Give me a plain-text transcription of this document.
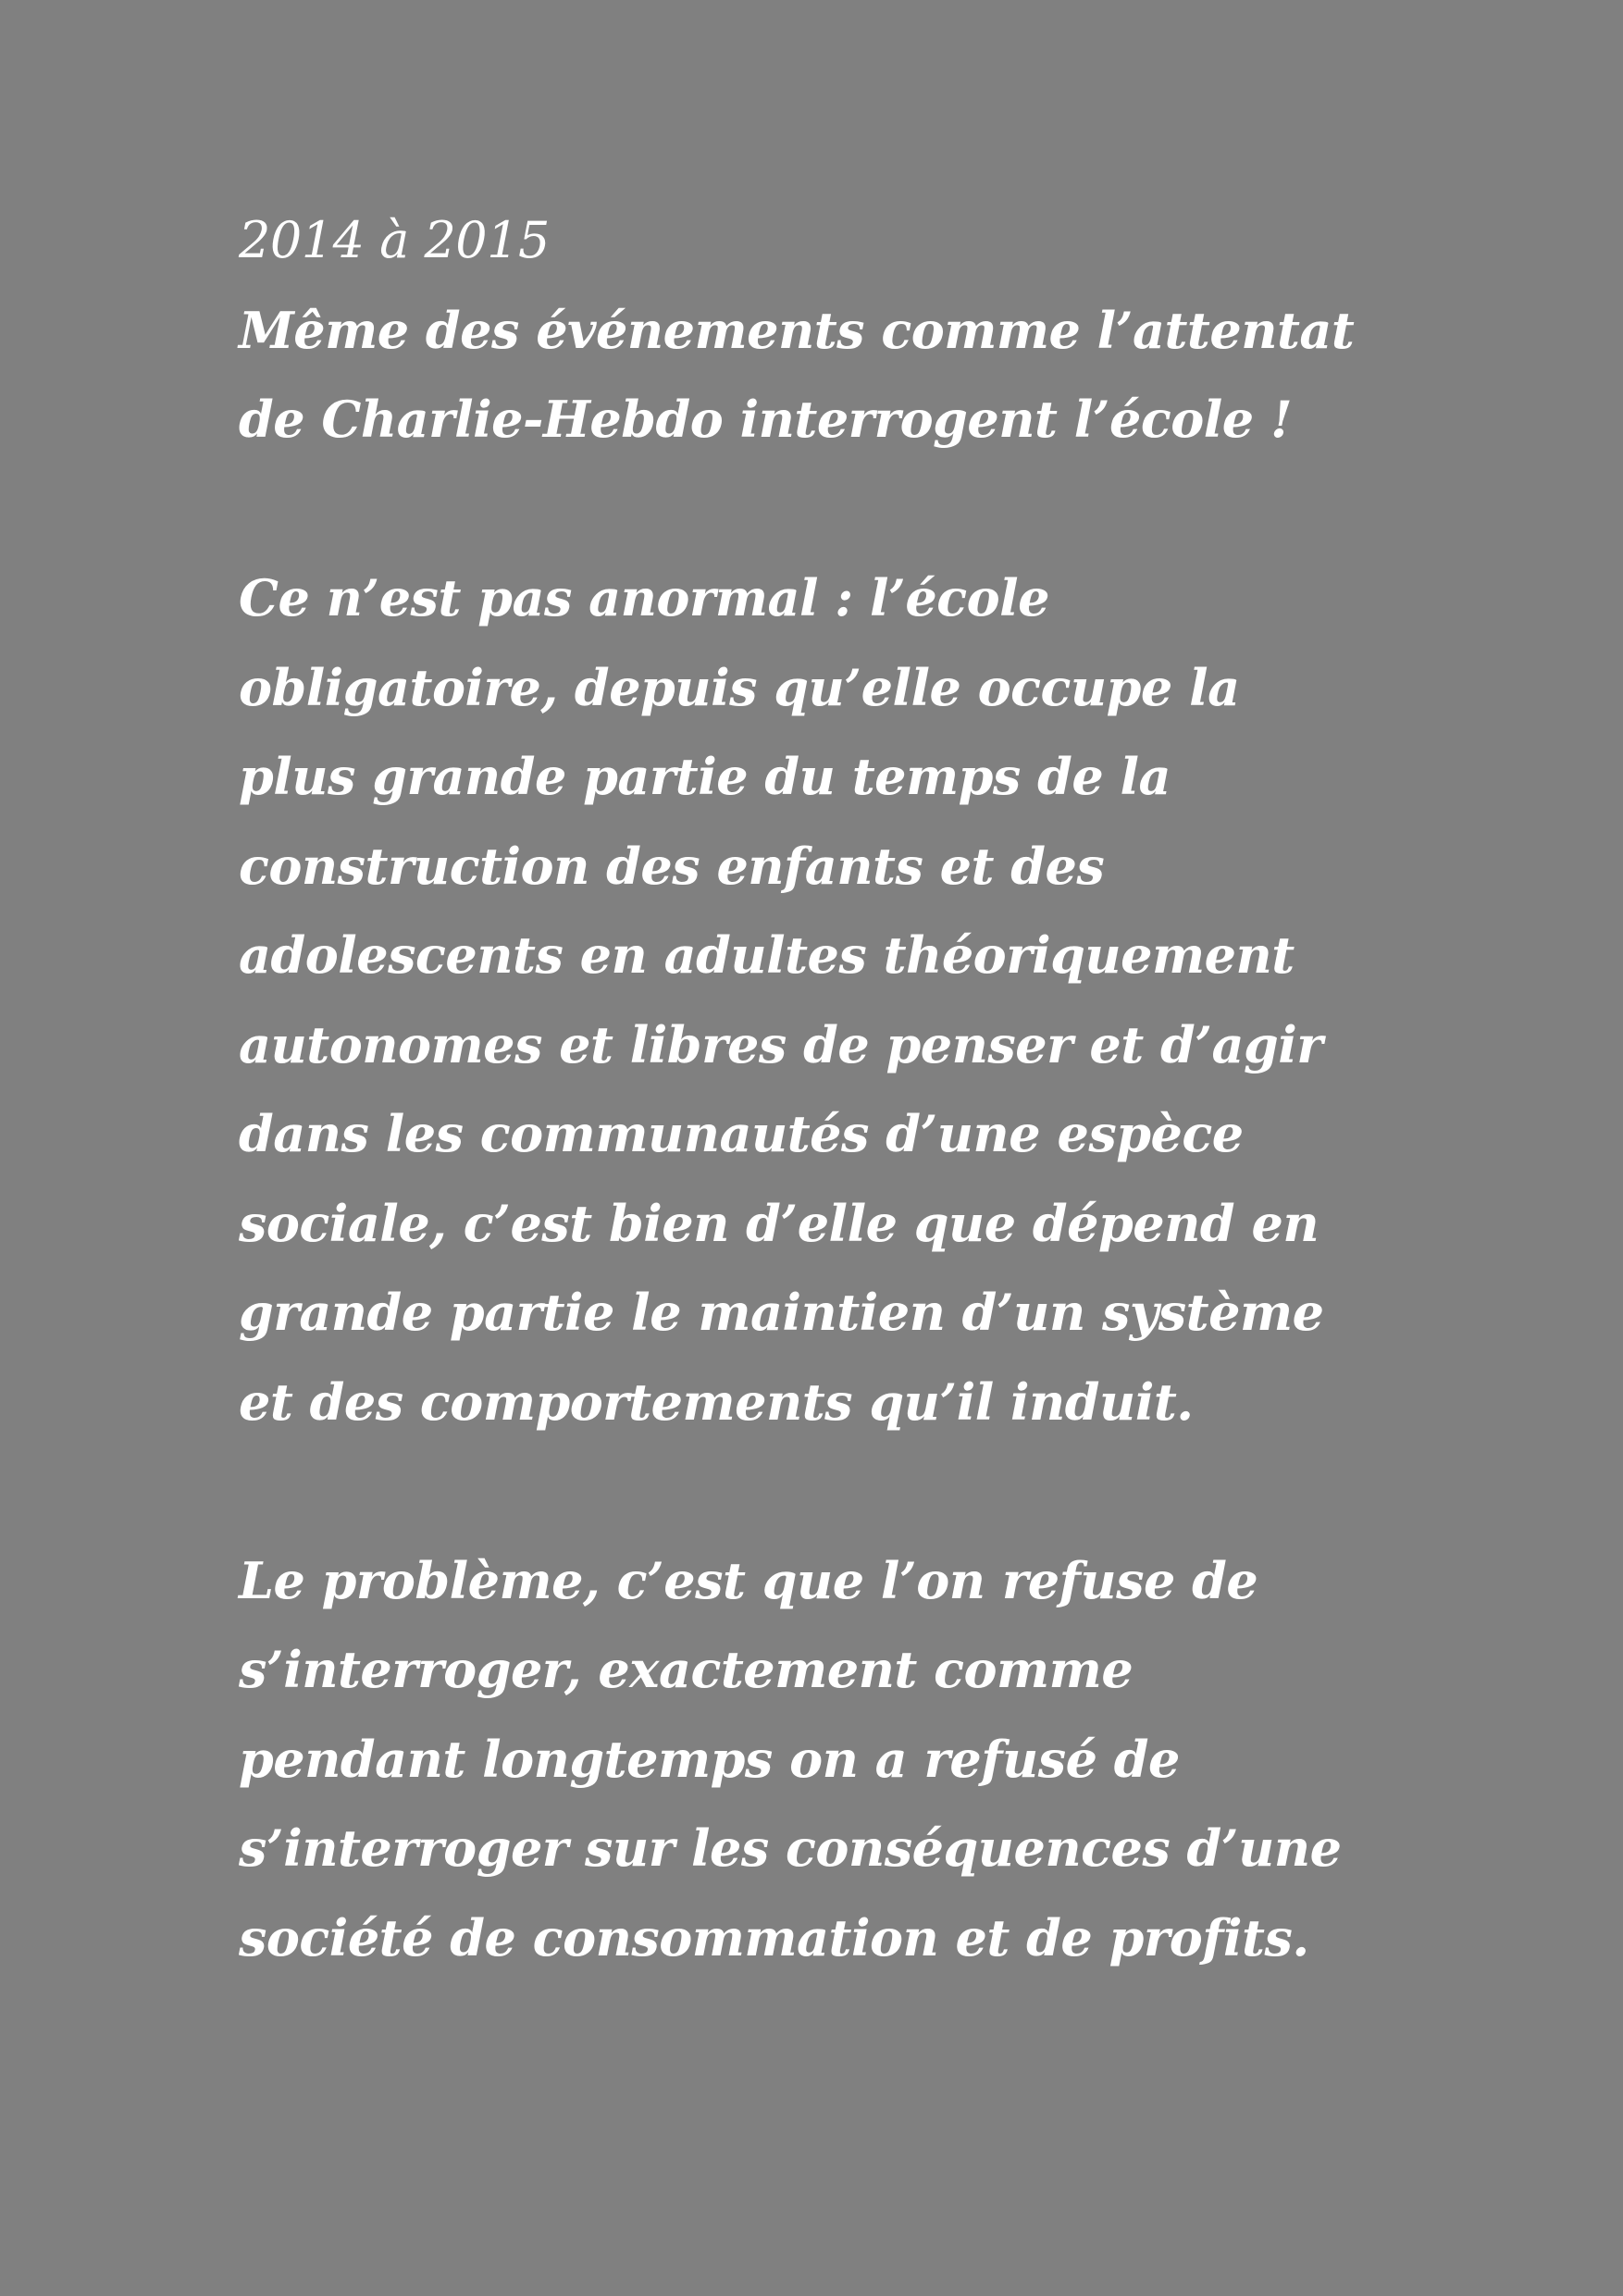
2014 à 2015
Même des événements comme l’attentat
de Charlie-Hebdo interrogent l’école !
Ce n’est pas anormal : l’école
obligatoire, depuis qu’elle occupe la
plus grande partie du temps de la
construction des enfants et des
adolescents en adultes théoriquement
autonomes et libres de penser et d’agir
dans les communautés d’une espèce
sociale, c’est bien d’elle que dépend en
grande partie le maintien d’un système
et des comportements qu’il induit.
Le problème, c’est que l’on refuse de
s’interroger, exactement comme
pendant longtemps on a refusé de
s’interroger sur les conséquences d’une
société de consommation et de profits.
